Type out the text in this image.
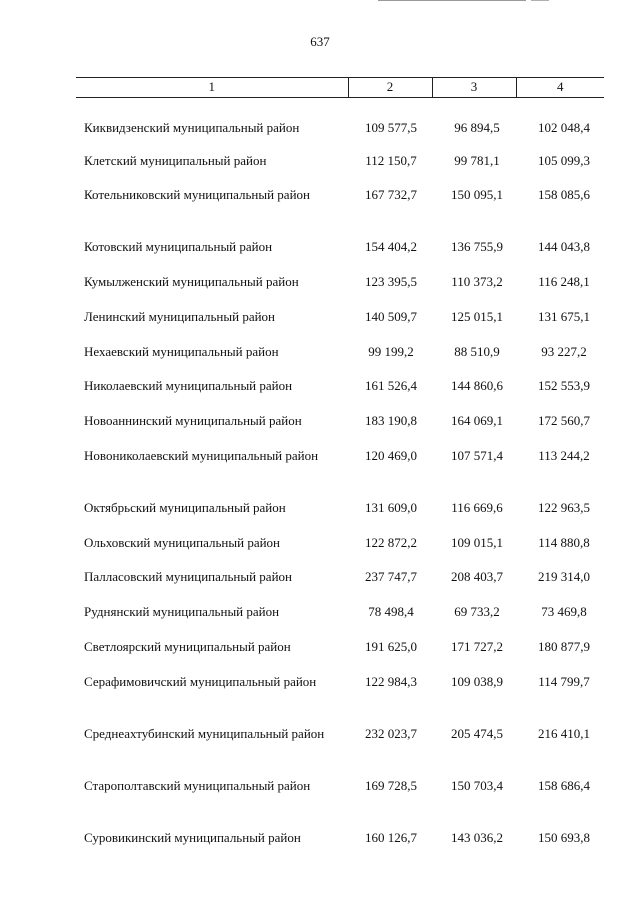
637
1	2	3	4
Киквидзенский муниципальный район	109 577,5	96 894,5	102 048,4
Клетский муниципальный район	112 150,7	99 781,1	105 099,3
Котельниковский муниципальный район	167 732,7	150 095,1	158 085,6
Котовский муниципальный район	154 404,2	136 755,9	144 043,8
Кумылженский муниципальный район	123 395,5	110 373,2	116 248,1
Ленинский муниципальный район	140 509,7	125 015,1	131 675,1
Нехаевский муниципальный район	99 199,2	88 510,9	93 227,2
Николаевский муниципальный район	161 526,4	144 860,6	152 553,9
Новоаннинский муниципальный район	183 190,8	164 069,1	172 560,7
Новониколаевский муниципальный район	120 469,0	107 571,4	113 244,2
Октябрьский муниципальный район	131 609,0	116 669,6	122 963,5
Ольховский муниципальный район	122 872,2	109 015,1	114 880,8
Палласовский муниципальный район	237 747,7	208 403,7	219 314,0
Руднянский муниципальный район	78 498,4	69 733,2	73 469,8
Светлоярский муниципальный район	191 625,0	171 727,2	180 877,9
Серафимовичский муниципальный район	122 984,3	109 038,9	114 799,7
Среднеахтубинский муниципальный район	232 023,7	205 474,5	216 410,1
Старополтавский муниципальный район	169 728,5	150 703,4	158 686,4
Суровикинский муниципальный район	160 126,7	143 036,2	150 693,8
